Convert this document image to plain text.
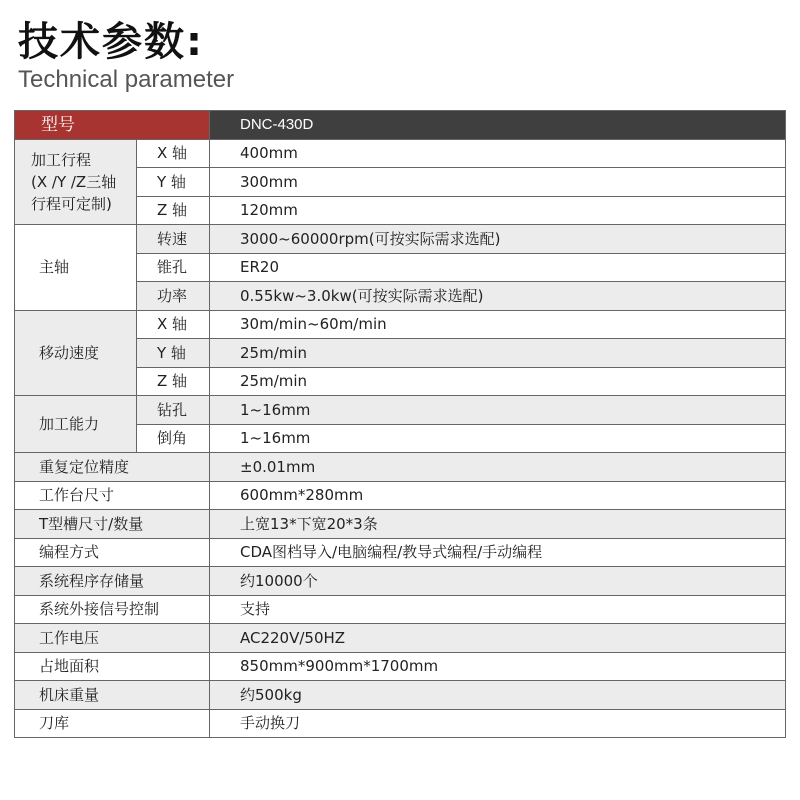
技术参数:
Technical parameter
型号		DNC-430D
加工行程
(X /Y /Z三轴
行程可定制)	X 轴	400mm
	Y 轴	300mm
	Z 轴	120mm
主轴	转速	3000~60000rpm(可按实际需求选配)
	锥孔	ER20
	功率	0.55kw~3.0kw(可按实际需求选配)
移动速度	X 轴	30m/min~60m/min
	Y 轴	25m/min
	Z 轴	25m/min
加工能力	钻孔	1~16mm
	倒角	1~16mm
重复定位精度		±0.01mm
工作台尺寸		600mm*280mm
T型槽尺寸/数量		上宽13*下宽20*3条
编程方式		CDA图档导入/电脑编程/教导式编程/手动编程
系统程序存储量		约10000个
系统外接信号控制		支持
工作电压		AC220V/50HZ
占地面积		850mm*900mm*1700mm
机床重量		约500kg
刀库		手动换刀
